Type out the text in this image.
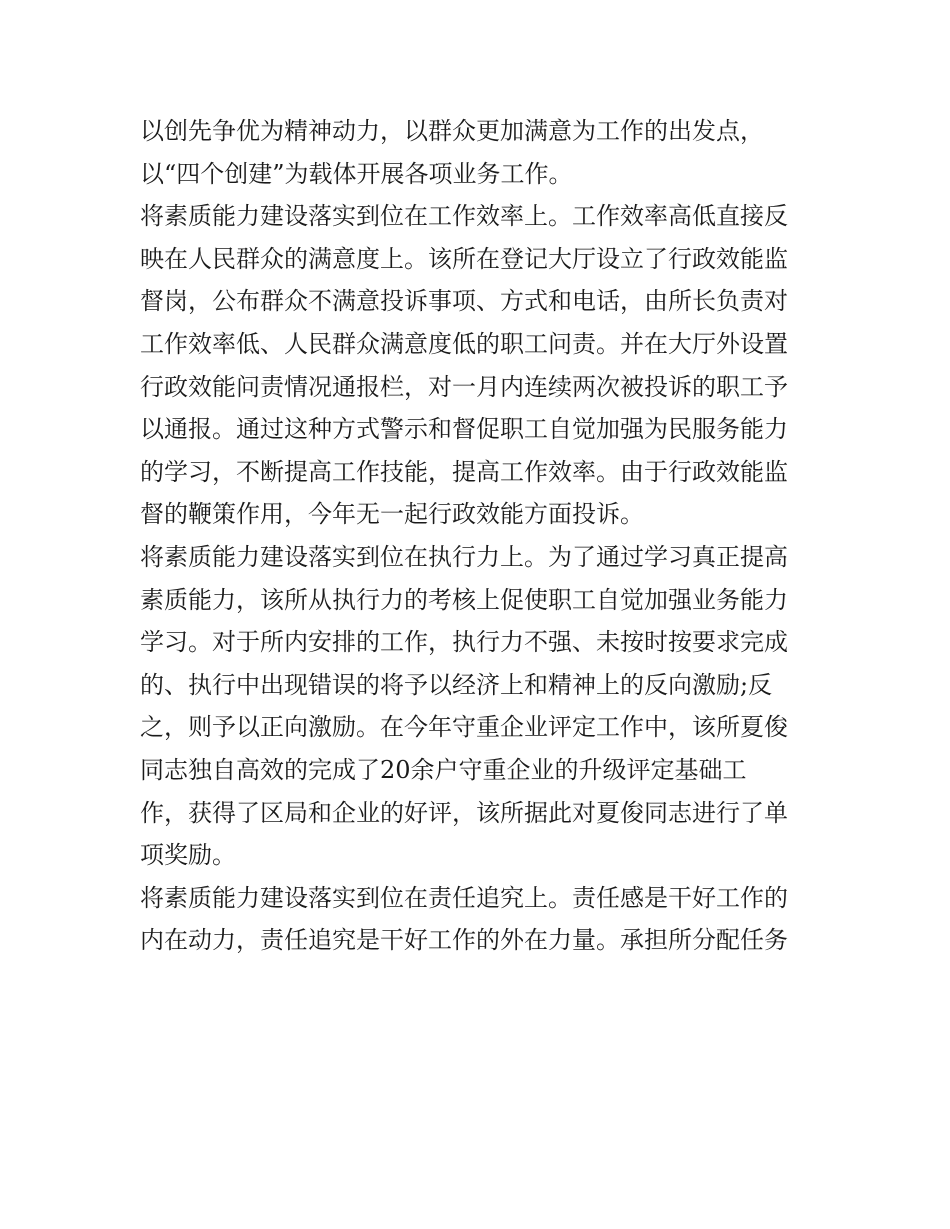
以创先争优为精神动力，以群众更加满意为工作的出发点，
以“四个创建”为载体开展各项业务工作。
将素质能力建设落实到位在工作效率上。工作效率高低直接反
映在人民群众的满意度上。该所在登记大厅设立了行政效能监
督岗，公布群众不满意投诉事项、方式和电话，由所长负责对
工作效率低、人民群众满意度低的职工问责。并在大厅外设置
行政效能问责情况通报栏，对一月内连续两次被投诉的职工予
以通报。通过这种方式警示和督促职工自觉加强为民服务能力
的学习，不断提高工作技能，提高工作效率。由于行政效能监
督的鞭策作用，今年无一起行政效能方面投诉。
将素质能力建设落实到位在执行力上。为了通过学习真正提高
素质能力，该所从执行力的考核上促使职工自觉加强业务能力
学习。对于所内安排的工作，执行力不强、未按时按要求完成
的、执行中出现错误的将予以经济上和精神上的反向激励;反
之，则予以正向激励。在今年守重企业评定工作中，该所夏俊
同志独自高效的完成了20余户守重企业的升级评定基础工
作，获得了区局和企业的好评，该所据此对夏俊同志进行了单
项奖励。
将素质能力建设落实到位在责任追究上。责任感是干好工作的
内在动力，责任追究是干好工作的外在力量。承担所分配任务
